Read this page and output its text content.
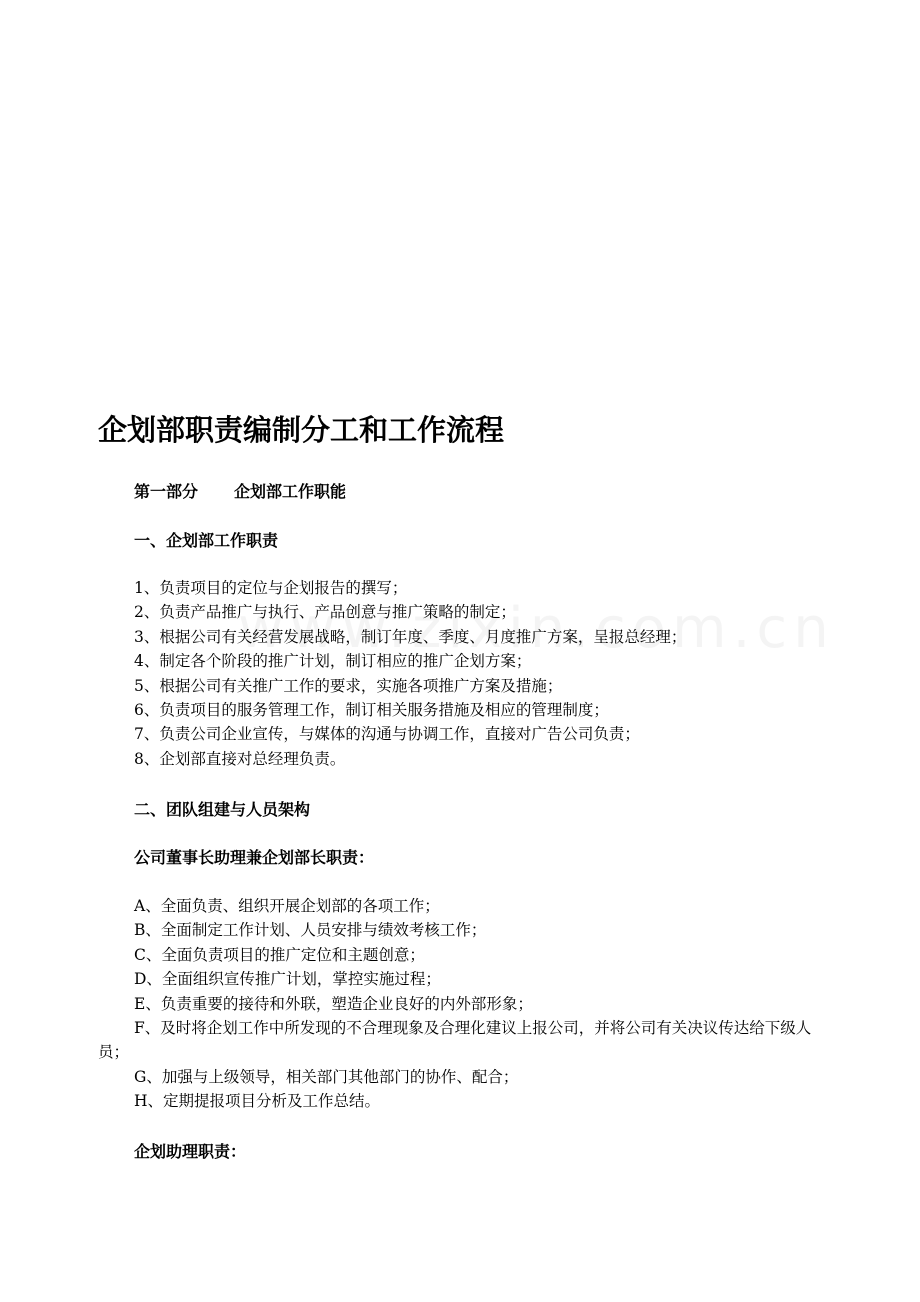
企划部职责编制分工和工作流程
第一部分 企划部工作职能
一、企划部工作职责
1、负责项目的定位与企划报告的撰写；
2、负责产品推广与执行、产品创意与推广策略的制定；
3、根据公司有关经营发展战略，制订年度、季度、月度推广方案，呈报总经理；
4、制定各个阶段的推广计划，制订相应的推广企划方案；
5、根据公司有关推广工作的要求，实施各项推广方案及措施；
6、负责项目的服务管理工作，制订相关服务措施及相应的管理制度；
7、负责公司企业宣传，与媒体的沟通与协调工作，直接对广告公司负责；
8、企划部直接对总经理负责。
二、团队组建与人员架构
公司董事长助理兼企划部长职责：
A、全面负责、组织开展企划部的各项工作；
B、全面制定工作计划、人员安排与绩效考核工作；
C、全面负责项目的推广定位和主题创意；
D、全面组织宣传推广计划，掌控实施过程；
E、负责重要的接待和外联，塑造企业良好的内外部形象；
F、及时将企划工作中所发现的不合理现象及合理化建议上报公司，并将公司有关决议传达给下级人员；
G、加强与上级领导，相关部门其他部门的协作、配合；
H、定期提报项目分析及工作总结。
企划助理职责：
